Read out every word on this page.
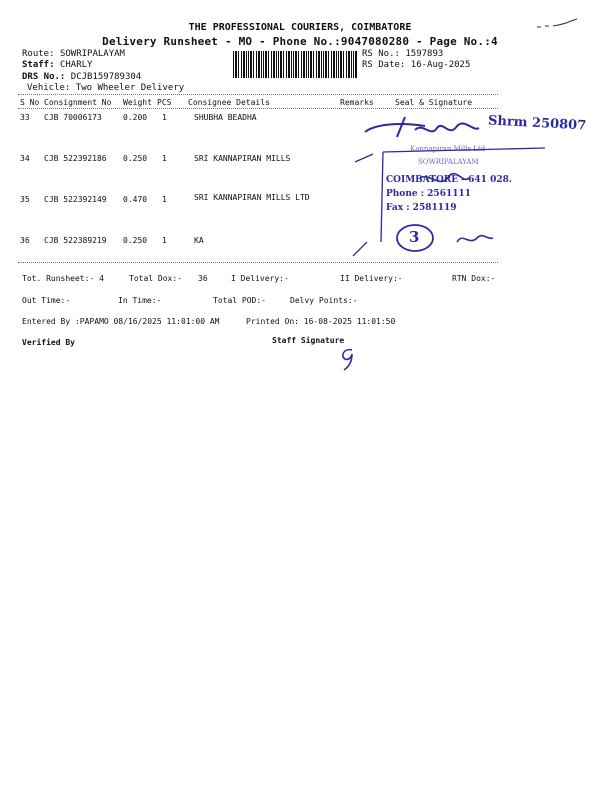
THE PROFESSIONAL COURIERS, COIMBATORE
Delivery Runsheet - MO - Phone No.:9047080280 - Page No.:4
Route: SOWRIPALAYAM
Staff: CHARLY
DRS No.: DCJB159789304
Vehicle: Two Wheeler Delivery
RS No.: 1597893
RS Date: 16-Aug-2025
S No Consignment No Weight PCS Consignee Details	Remarks	Seal & Signature
33 CJB 70006173	0.200 1	SHUBHA BEADHA
34 CJB 522392186 0.250 1	SRI KANNAPIRAN MILLS
35 CJB 522392149 0.470 1	SRI KANNAPIRAN MILLS LTD
36 CJB 522389219 0.250 1	KA
Shrm 250807
Kannapiran Mills Ltd
SOWRIPALAYAM
COIMBATORE - 641 028.
Phone : 2561111
Fax : 2581119
3
Tot. Runsheet:- 4	Total Dox:- 36	I Delivery:-	II Delivery:-	RTN Dox:-
Out Time:-	In Time:-	Total POD:-	Delvy Points:-
Entered By :PAPAMO 08/16/2025 11:01:00 AM	Printed On: 16-08-2025 11:01:50
Verified By	Staff Signature
